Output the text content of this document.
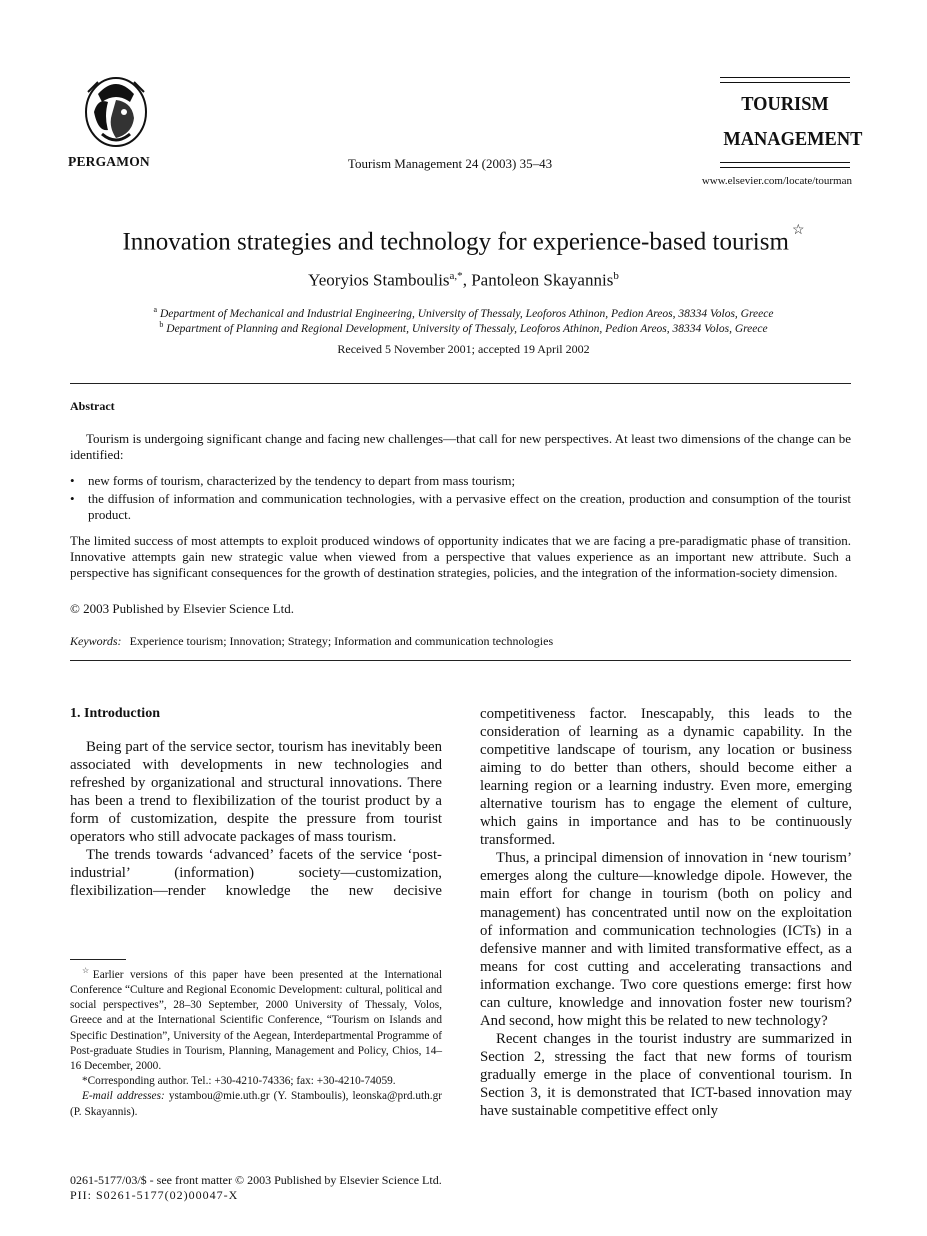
PERGAMON	Tourism Management 24 (2003) 35–43
TOURISM
MANAGEMENT
www.elsevier.com/locate/tourman
Innovation strategies and technology for experience-based tourism ☆
Yeoryios Stamboulis$^{a,*}$, Pantoleon Skayannis$^b$
$^a$ Department of Mechanical and Industrial Engineering, University of Thessaly, Leoforos Athinon, Pedion Areos, 38334 Volos, Greece
$^b$ Department of Planning and Regional Development, University of Thessaly, Leoforos Athinon, Pedion Areos, 38334 Volos, Greece
Received 5 November 2001; accepted 19 April 2002
Abstract
Tourism is undergoing significant change and facing new challenges—that call for new perspectives. At least two dimensions of the change can be identified:
• new forms of tourism, characterized by the tendency to depart from mass tourism;
• the diffusion of information and communication technologies, with a pervasive effect on the creation, production and consumption of the tourist product.
The limited success of most attempts to exploit produced windows of opportunity indicates that we are facing a pre-paradigmatic phase of transition. Innovative attempts gain new strategic value when viewed from a perspective that values experience as an important new attribute. Such a perspective has significant consequences for the growth of destination strategies, policies, and the integration of the information-society dimension.
© 2003 Published by Elsevier Science Ltd.
Keywords: Experience tourism; Innovation; Strategy; Information and communication technologies

1. Introduction

Being part of the service sector, tourism has inevitably been associated with developments in new technologies and refreshed by organizational and structural innovations. There has been a trend to flexibilization of the tourist product by a form of customization, despite the pressure from tourist operators who still advocate packages of mass tourism.

The trends towards ‘advanced’ facets of the service ‘post-industrial’ (information) society—customization, flexibilization—render knowledge the new decisive

competitiveness factor. Inescapably, this leads to the consideration of learning as a dynamic capability. In the competitive landscape of tourism, any location or business aiming to do better than others, should become either a learning region or a learning industry. Even more, emerging alternative tourism has to engage the element of culture, which gains in importance and has to be continuously transformed.

Thus, a principal dimension of innovation in ‘new tourism’ emerges along the culture—knowledge dipole. However, the main effort for change in tourism (both on policy and management) has concentrated until now on the exploitation of information and communication technologies (ICTs) in a defensive manner and with limited transformative effect, as a means for cost cutting and accelerating transactions and information exchange. Two core questions emerge: first how can culture, knowledge and innovation foster new tourism? And second, how might this be related to new technology?

Recent changes in the tourist industry are summarized in Section 2, stressing the fact that new forms of tourism gradually emerge in the place of conventional tourism. In Section 3, it is demonstrated that ICT-based innovation may have sustainable competitive effect only

☆Earlier versions of this paper have been presented at the International Conference “Culture and Regional Economic Development: cultural, political and social perspectives”, 28–30 September, 2000 University of Thessaly, Volos, Greece and at the International Scientific Conference, “Tourism on Islands and Specific Destination”, University of the Aegean, Interdepartmental Programme of Post-graduate Studies in Tourism, Planning, Management and Policy, Chios, 14–16 December, 2000.

*Corresponding author. Tel.: +30-4210-74336; fax: +30-4210-74059.

E-mail addresses: ystambou@mie.uth.gr (Y. Stamboulis), leonska@prd.uth.gr (P. Skayannis).

0261-5177/03/$ - see front matter © 2003 Published by Elsevier Science Ltd.
PII: S0261-5177(02)00047-X
